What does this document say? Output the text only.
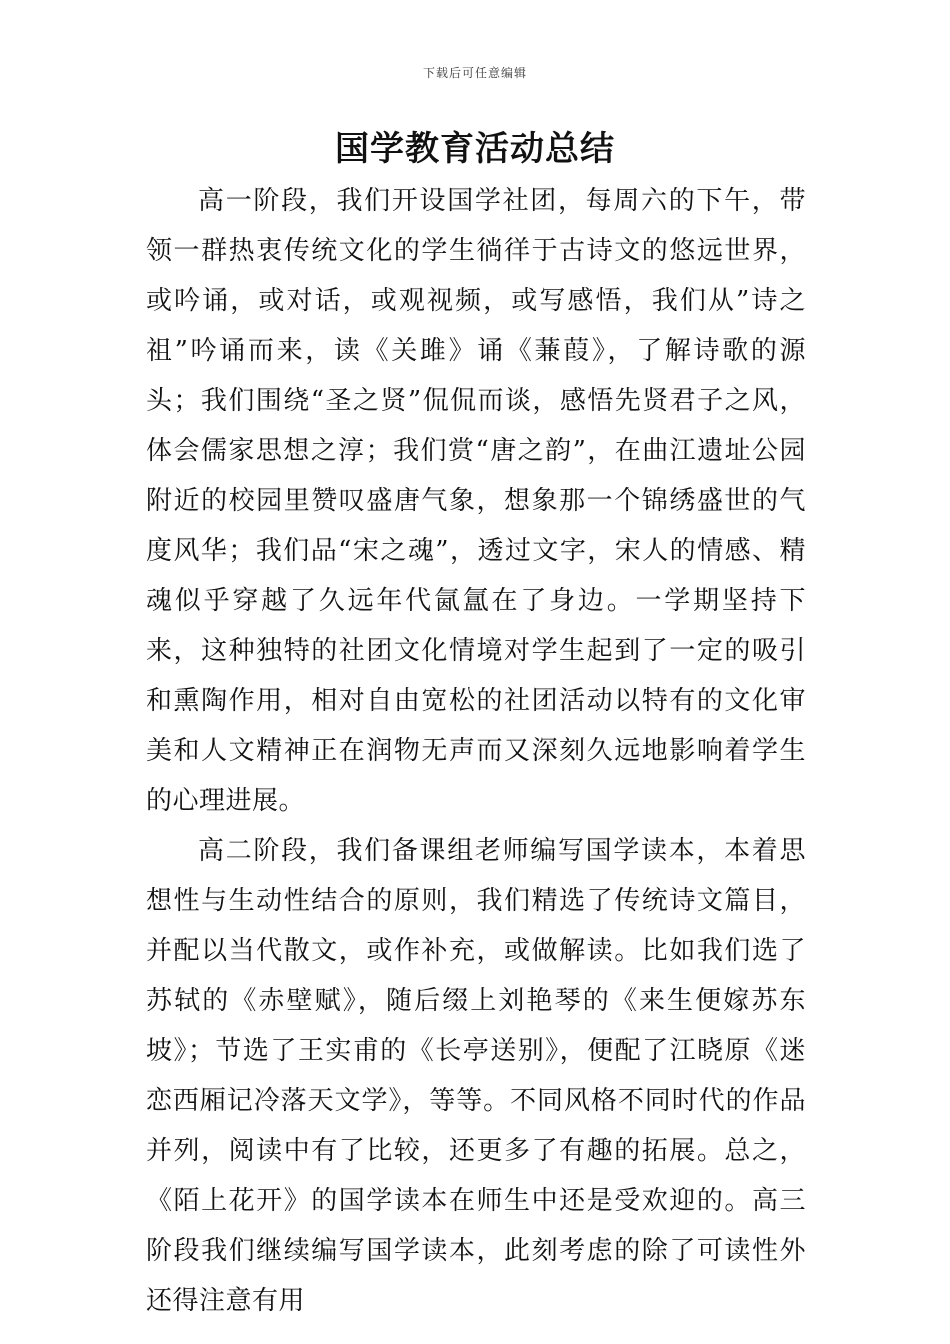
下载后可任意编辑
国学教育活动总结

高一阶段，我们开设国学社团，每周六的下午，带领一群热衷传统文化的学生徜徉于古诗文的悠远世界，或吟诵，或对话，或观视频，或写感悟，我们从”诗之祖”吟诵而来，读《关雎》诵《蒹葭》，了解诗歌的源头；我们围绕“圣之贤”侃侃而谈，感悟先贤君子之风，体会儒家思想之淳；我们赏“唐之韵”，在曲江遗址公园附近的校园里赞叹盛唐气象，想象那一个锦绣盛世的气度风华；我们品“宋之魂”，透过文字，宋人的情感、精魂似乎穿越了久远年代氤氲在了身边。一学期坚持下来，这种独特的社团文化情境对学生起到了一定的吸引和熏陶作用，相对自由宽松的社团活动以特有的文化审美和人文精神正在润物无声而又深刻久远地影响着学生的心理进展。

高二阶段，我们备课组老师编写国学读本，本着思想性与生动性结合的原则，我们精选了传统诗文篇目，并配以当代散文，或作补充，或做解读。比如我们选了苏轼的《赤壁赋》，随后缀上刘艳琴的《来生便嫁苏东坡》；节选了王实甫的《长亭送别》，便配了江晓原《迷恋西厢记冷落天文学》，等等。不同风格不同时代的作品并列，阅读中有了比较，还更多了有趣的拓展。总之，《陌上花开》的国学读本在师生中还是受欢迎的。高三阶段我们继续编写国学读本，此刻考虑的除了可读性外还得注意有用
